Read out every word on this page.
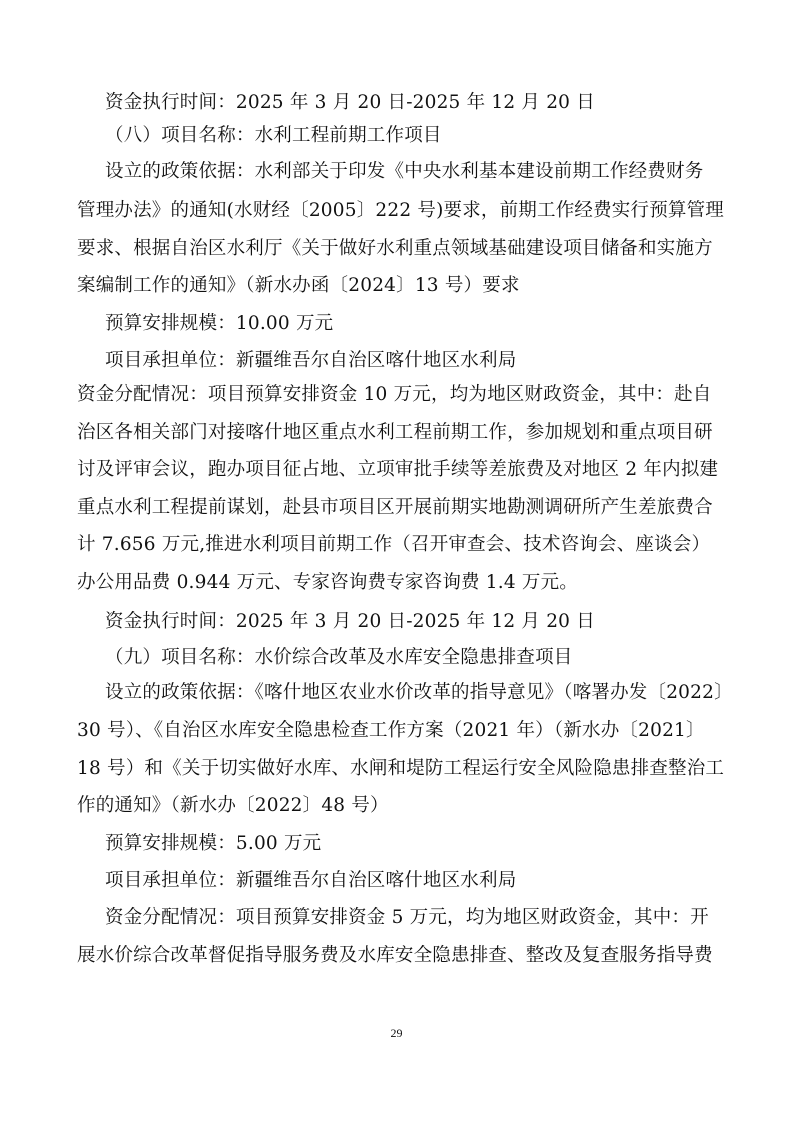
资金执行时间：2025 年 3 月 20 日-2025 年 12 月 20 日
（八）项目名称：水利工程前期工作项目
设立的政策依据：水利部关于印发《中央水利基本建设前期工作经费财务
管理办法》的通知(水财经〔2005〕222 号)要求，前期工作经费实行预算管理
要求、根据自治区水利厅《关于做好水利重点领域基础建设项目储备和实施方
案编制工作的通知》（新水办函〔2024〕13 号）要求
预算安排规模：10.00 万元
项目承担单位：新疆维吾尔自治区喀什地区水利局
资金分配情况：项目预算安排资金 10 万元，均为地区财政资金，其中：赴自
治区各相关部门对接喀什地区重点水利工程前期工作，参加规划和重点项目研
讨及评审会议，跑办项目征占地、立项审批手续等差旅费及对地区 2 年内拟建
重点水利工程提前谋划，赴县市项目区开展前期实地勘测调研所产生差旅费合
计 7.656 万元,推进水利项目前期工作（召开审查会、技术咨询会、座谈会）
办公用品费 0.944 万元、专家咨询费专家咨询费 1.4 万元。
资金执行时间：2025 年 3 月 20 日-2025 年 12 月 20 日
（九）项目名称：水价综合改革及水库安全隐患排查项目
设立的政策依据：《喀什地区农业水价改革的指导意见》（喀署办发〔2022〕
30 号）、《自治区水库安全隐患检查工作方案（2021 年）（新水办〔2021〕
18 号）和《关于切实做好水库、水闸和堤防工程运行安全风险隐患排查整治工
作的通知》（新水办〔2022〕48 号）
预算安排规模：5.00 万元
项目承担单位：新疆维吾尔自治区喀什地区水利局
资金分配情况：项目预算安排资金 5 万元，均为地区财政资金，其中：开
展水价综合改革督促指导服务费及水库安全隐患排查、整改及复查服务指导费
29
